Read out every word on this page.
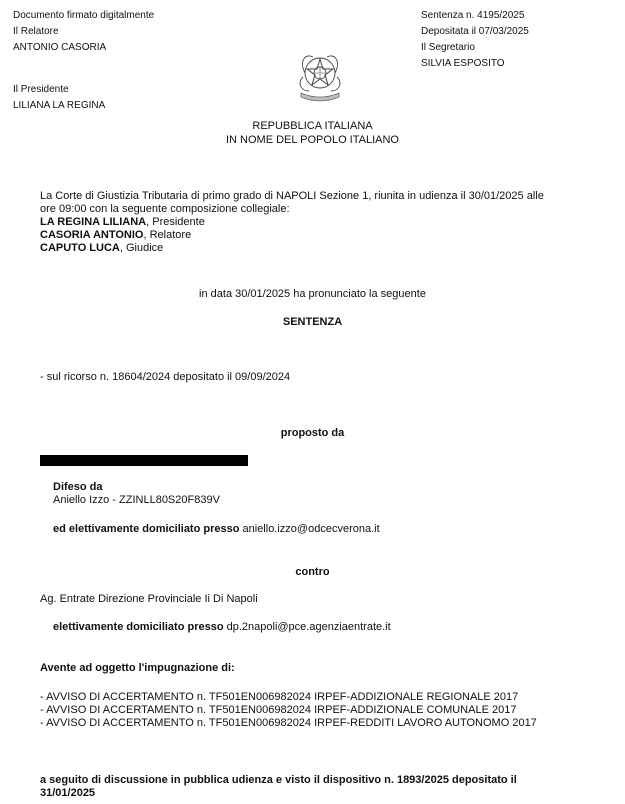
Documento firmato digitalmente
Il Relatore
ANTONIO CASORIA
Il Presidente
LILIANA LA REGINA
Sentenza n. 4195/2025
Depositata il 07/03/2025
Il Segretario
SILVIA ESPOSITO
REPUBBLICA ITALIANA
IN NOME DEL POPOLO ITALIANO
La Corte di Giustizia Tributaria di primo grado di NAPOLI Sezione 1, riunita in udienza il 30/01/2025 alle
ore 09:00 con la seguente composizione collegiale:
LA REGINA LILIANA, Presidente
CASORIA ANTONIO, Relatore
CAPUTO LUCA, Giudice
in data 30/01/2025 ha pronunciato la seguente
SENTENZA
- sul ricorso n. 18604/2024 depositato il 09/09/2024
proposto da
Difeso da
Aniello Izzo - ZZINLL80S20F839V
ed elettivamente domiciliato presso aniello.izzo@odcecverona.it
contro
Ag. Entrate Direzione Provinciale Ii Di Napoli
elettivamente domiciliato presso dp.2napoli@pce.agenziaentrate.it
Avente ad oggetto l'impugnazione di:
- AVVISO DI ACCERTAMENTO n. TF501EN006982024 IRPEF-ADDIZIONALE REGIONALE 2017
- AVVISO DI ACCERTAMENTO n. TF501EN006982024 IRPEF-ADDIZIONALE COMUNALE 2017
- AVVISO DI ACCERTAMENTO n. TF501EN006982024 IRPEF-REDDITI LAVORO AUTONOMO 2017
a seguito di discussione in pubblica udienza e visto il dispositivo n. 1893/2025 depositato il
31/01/2025
